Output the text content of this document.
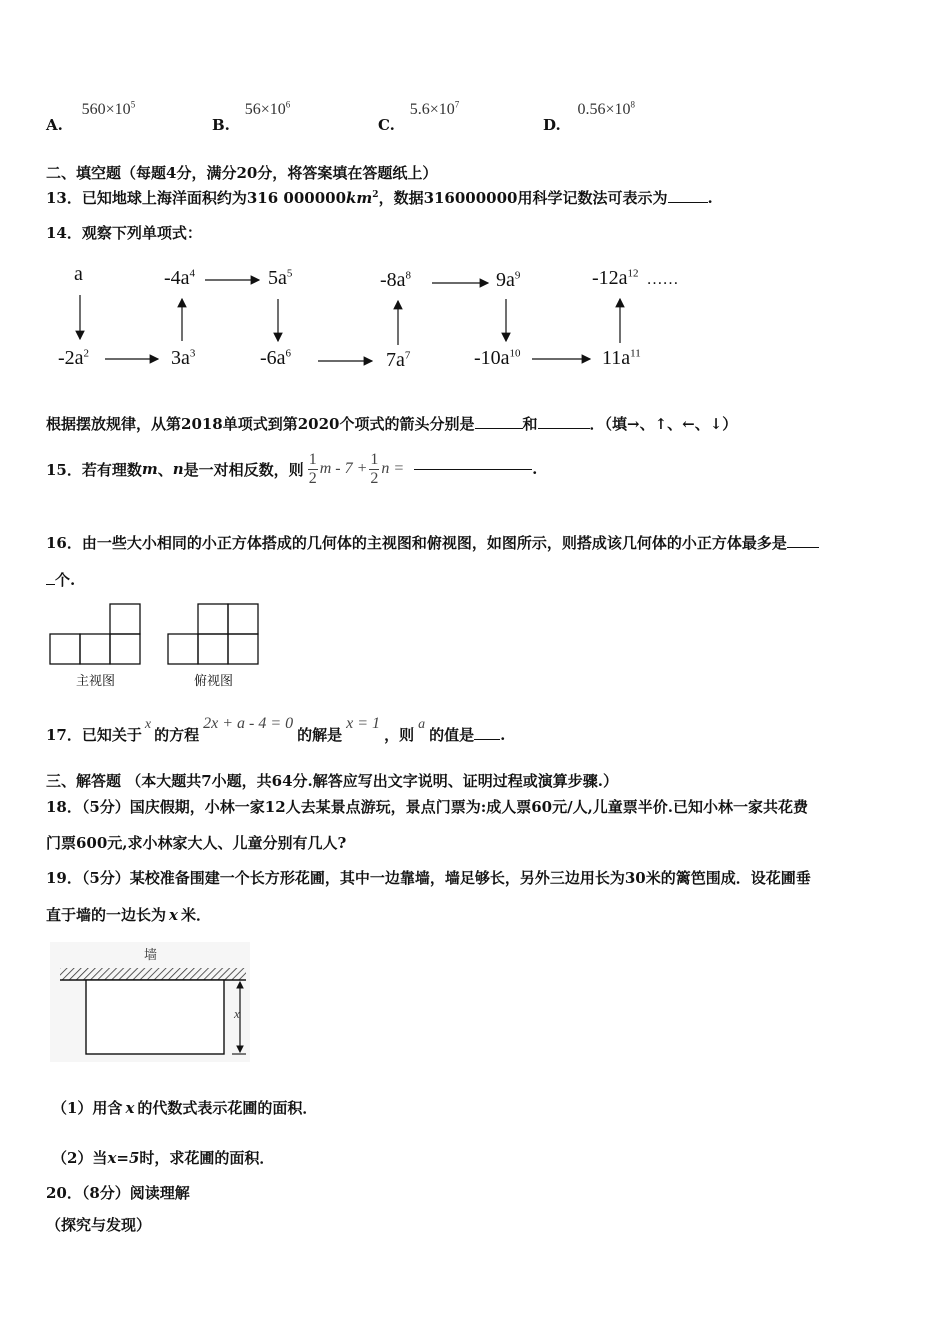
A. $560\times 10^5$
B. $56\times 10^6$
C. $5.6\times 10^7$
D. $0.56\times 10^8$
二、填空题（每题4分，满分20分，将答案填在答题纸上）
13．已知地球上海洋面积约为316 $000000km^2$，数据316000000用科学记数法可表示为	.
14．观察下列单项式：
a	$-4a^4$	$5a^5$	$-8a^8$	$9a^9$	$-12a^{12}$ ……
$-2a^2$	$3a^3$	$-6a^6$	$7a^7$	$-10a^{10}$	$11a^{11}$
根据摆放规律，从第2018单项式到第2020个项式的箭头分别是	和	．（填→、↑、←、↓）
15．若有理数 m 、 n 是一对相反数，则 $\frac{1}{2}$ $m - 7 + \frac{1}{2}$ n =	.
16．由一些大小相同的小正方体搭成的几何体的主视图和俯视图，如图所示，则搭成该几何体的小正方体最多是
个.
主视图	俯视图
17．已知关于x的方程2x + a - 4 = 0的解是x = 1，则a的值是 .
三、解答题 （本大题共7小题，共64分.解答应写出文字说明、证明过程或演算步骤.）
18．（5分）国庆假期，小林一家12人去某景点游玩，景点门票为:成人票60元/人,儿童票半价.已知小林一家共花费
门票600元,求小林家大人、儿童分别有几人?
19．（5分）某校准备围建一个长方形花圃，其中一边靠墙，墙足够长，另外三边用长为30米的篱笆围成．设花圃垂
直于墙的一边长为 x 米．
墙
x
（1）用含 x 的代数式表示花圃的面积．
（2）当x=5时，求花圃的面积．
20．（8分）阅读理解
（探究与发现）
